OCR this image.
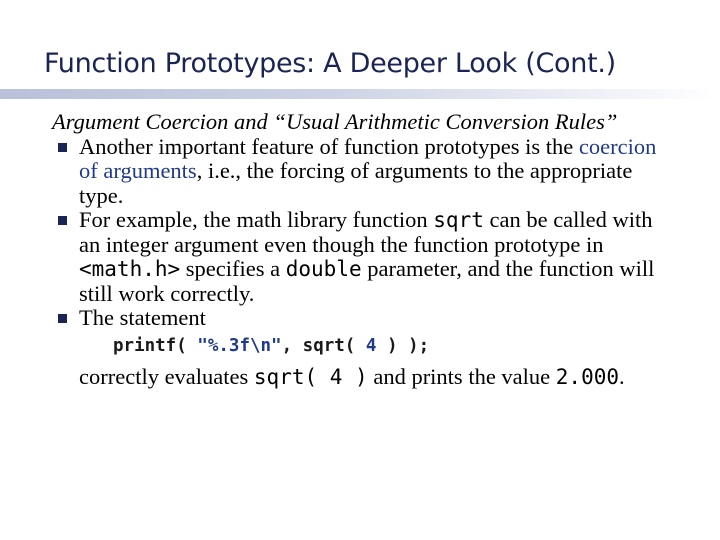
Function Prototypes: A Deeper Look (Cont.)
Argument Coercion and “Usual Arithmetic Conversion Rules”
Another important feature of function prototypes is the coercion of arguments, i.e., the forcing of arguments to the appropriate type.
For example, the math library function sqrt can be called with an integer argument even though the function prototype in <math.h> specifies a double parameter, and the function will still work correctly.
The statement
printf( "%.3f\n", sqrt( 4 ) );
correctly evaluates sqrt( 4 ) and prints the value 2.000.
